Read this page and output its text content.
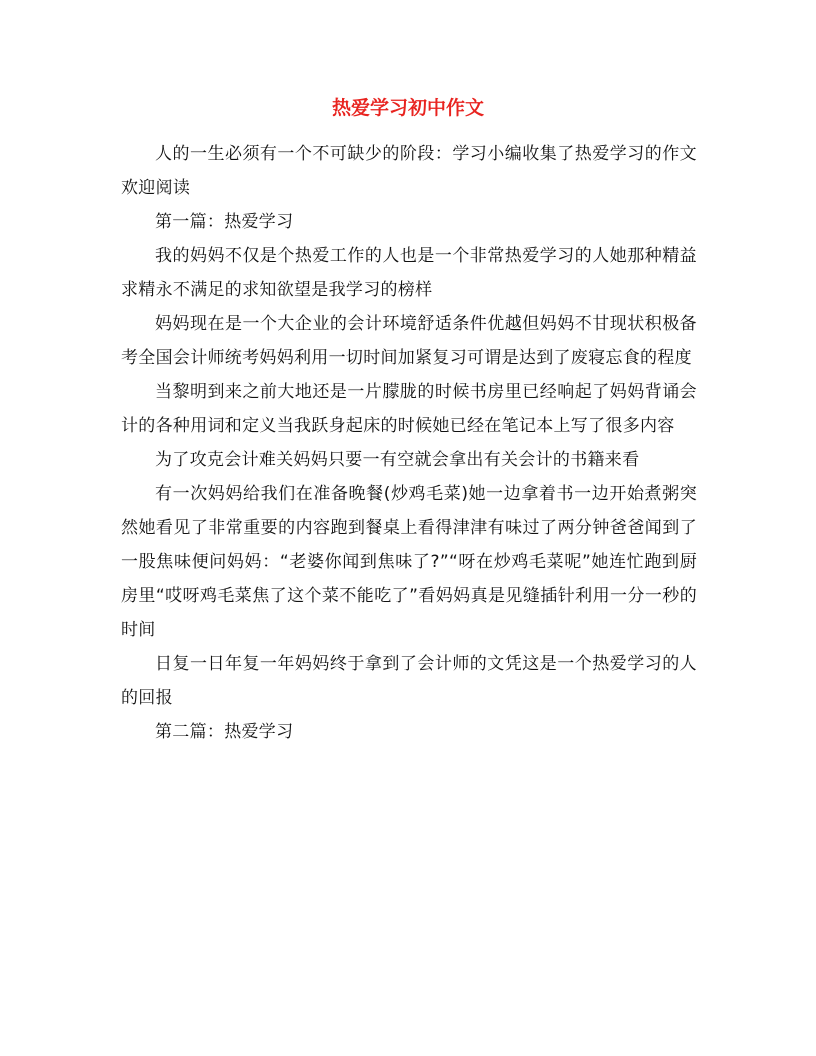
热爱学习初中作文

人的一生必须有一个不可缺少的阶段：学习小编收集了热爱学习的作文欢迎阅读

第一篇：热爱学习

我的妈妈不仅是个热爱工作的人也是一个非常热爱学习的人她那种精益求精永不满足的求知欲望是我学习的榜样

妈妈现在是一个大企业的会计环境舒适条件优越但妈妈不甘现状积极备考全国会计师统考妈妈利用一切时间加紧复习可谓是达到了废寝忘食的程度

当黎明到来之前大地还是一片朦胧的时候书房里已经响起了妈妈背诵会计的各种用词和定义当我跃身起床的时候她已经在笔记本上写了很多内容

为了攻克会计难关妈妈只要一有空就会拿出有关会计的书籍来看

有一次妈妈给我们在准备晚餐(炒鸡毛菜)她一边拿着书一边开始煮粥突然她看见了非常重要的内容跑到餐桌上看得津津有味过了两分钟爸爸闻到了一股焦味便问妈妈：“老婆你闻到焦味了?”“呀在炒鸡毛菜呢”她连忙跑到厨房里“哎呀鸡毛菜焦了这个菜不能吃了”看妈妈真是见缝插针利用一分一秒的时间

日复一日年复一年妈妈终于拿到了会计师的文凭这是一个热爱学习的人的回报

第二篇：热爱学习
